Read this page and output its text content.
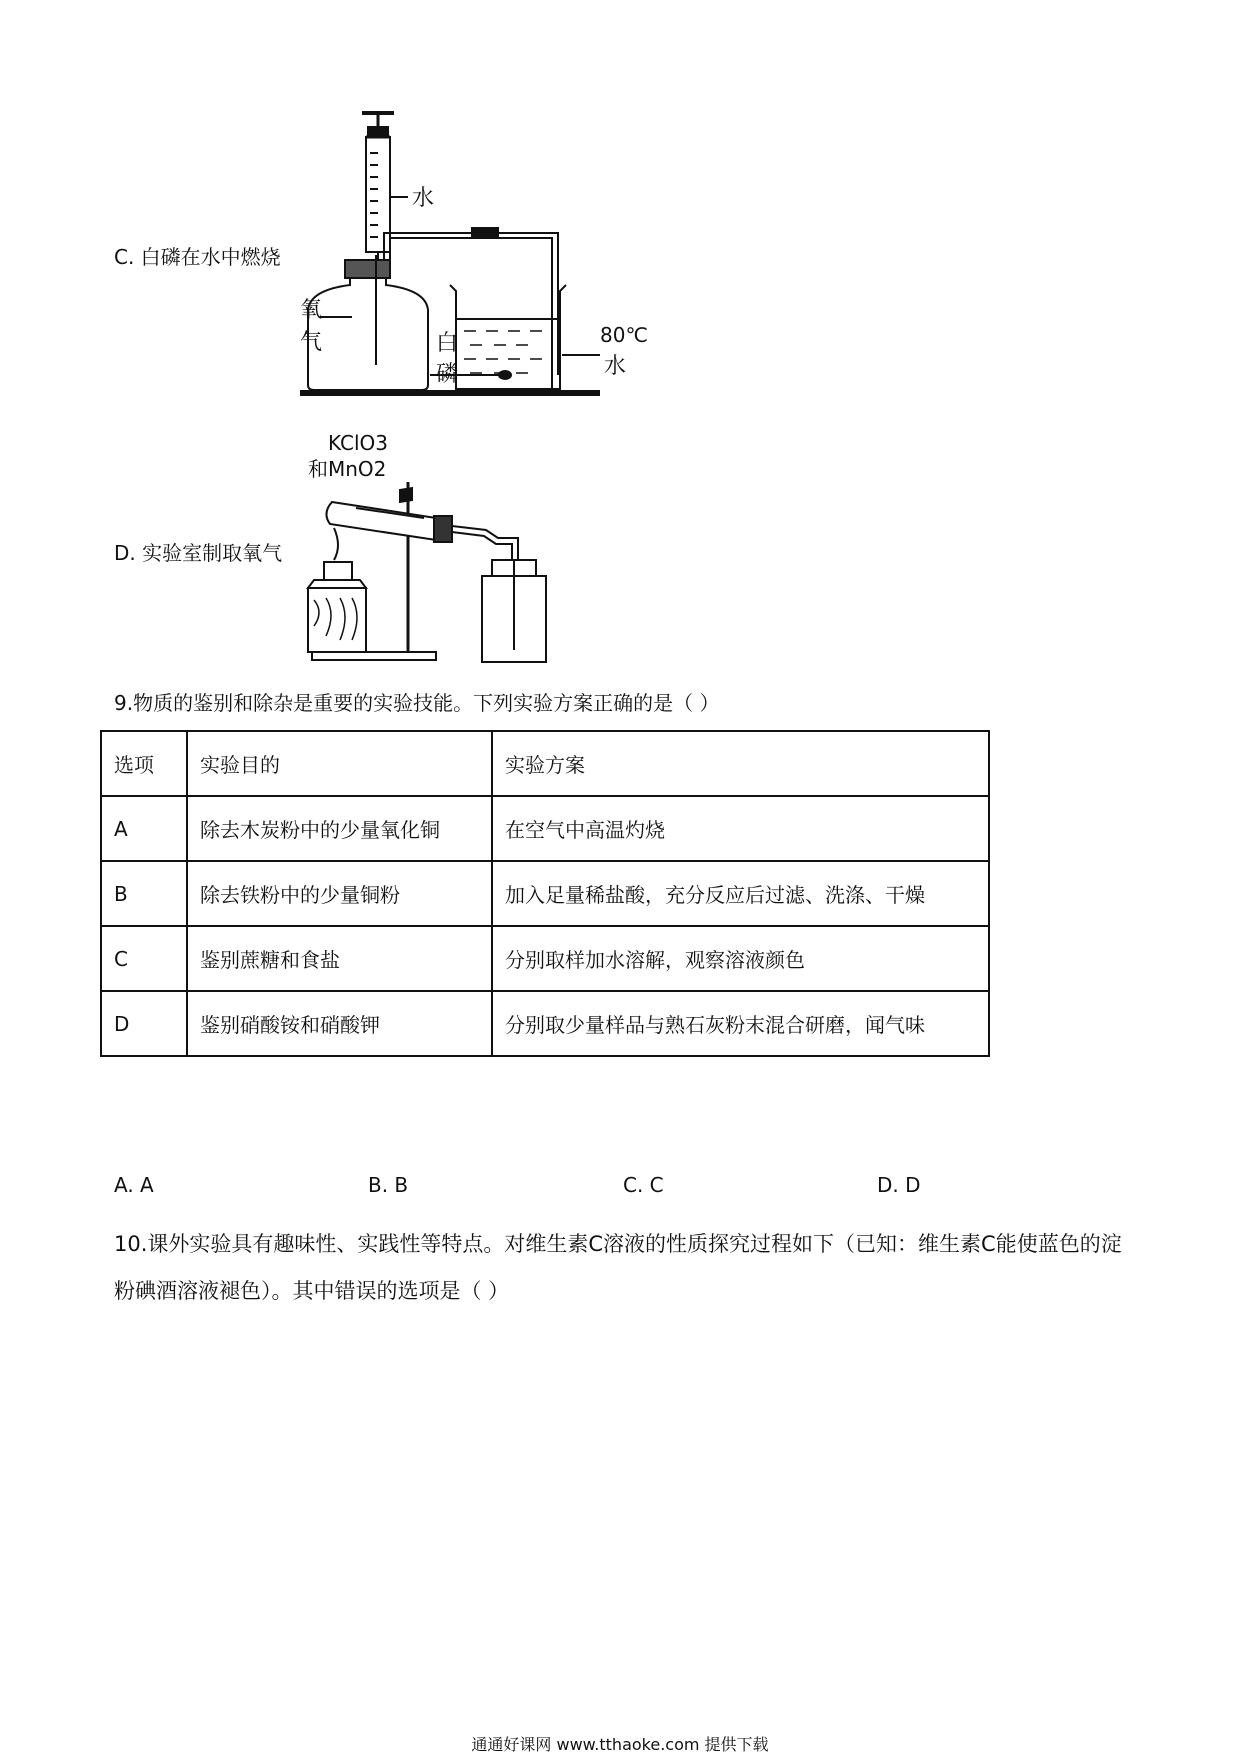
C. 白磷在水中燃烧
水
氧
气	白
磷
80℃
水
D. 实验室制取氧气
KClO3
和MnO2
9.物质的鉴别和除杂是重要的实验技能。下列实验方案正确的是（ ）
选项	实验目的	实验方案
A	除去木炭粉中的少量氧化铜	在空气中高温灼烧
B	除去铁粉中的少量铜粉	加入足量稀盐酸，充分反应后过滤、洗涤、干燥
C	鉴别蔗糖和食盐	分别取样加水溶解，观察溶液颜色
D	鉴别硝酸铵和硝酸钾	分别取少量样品与熟石灰粉末混合研磨，闻气味
A. A	B. B	C. C	D. D
10.课外实验具有趣味性、实践性等特点。对维生素C溶液的性质探究过程如下（已知：维生素C能使蓝色的淀粉碘酒溶液褪色）。其中错误的选项是（ ）
通通好课网 www.tthaoke.com 提供下载
